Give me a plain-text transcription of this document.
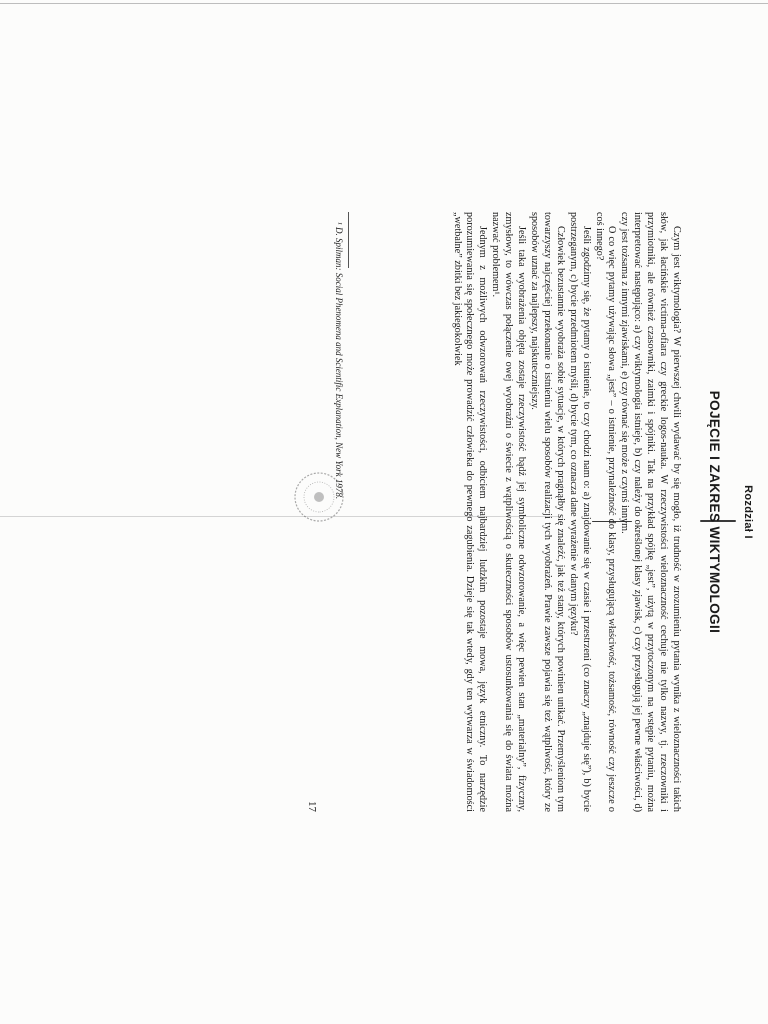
Rozdział I
POJĘCIE I ZAKRES WIKTYMOLOGII

Czym jest wiktymologia? W pierwszej chwili wydawać by się mogło, iż trudność w zrozumieniu pytania wynika z wieloznaczności takich słów, jak łacińskie victima-ofiara czy greckie logos-nauka. W rzeczywistości wieloznaczność cechuje nie tylko nazwy, tj. rzeczowniki i przymiotniki, ale również czasowniki, zaimki i spójniki. Tak na przykład spójkę „jest”, użytą w przytoczonym na wstępie pytaniu, można interpretować następująco: a) czy wiktymologia istnieje, b) czy należy do określonej klasy zjawisk, c) czy przysługują jej pewne właściwości, d) czy jest tożsama z innymi zjawiskami, e) czy równać się może z czymś innym.

O co więc pytamy używając słowa „jest” – o istnienie, przynależność do klasy, przysługującą właściwość, tożsamość, równość czy jeszcze o coś innego?

Jeśli zgodzimy się, że pytamy o istnienie, to czy chodzi nam o: a) znajdowanie się w czasie i przestrzeni (co znaczy „znajduje się”), b) bycie postrzeganym, c) bycie przedmiotem myśli, d) bycie tym, co oznacza dane wyrażenie w danym języku?

Człowiek bezustannie wyobraża sobie sytuacje, w których pragnąłby się znaleźć, jak też stany, których powinien unikać. Przemyśleniom tym towarzyszy najczęściej przekonanie o istnieniu wielu sposobów realizacji tych wyobrażeń. Prawie zawsze pojawia się też wątpliwość, który ze sposobów uznać za najlepszy, najskuteczniejszy.

Jeśli taka wyobrażenia objęta zostaje rzeczywistość bądź jej symboliczne odwzorowanie, a więc pewien stan „materialny”, fizyczny, zmysłowy, to wówczas połączenie owej wyobraźni o świecie z wątpliwością o skuteczności sposobów ustosunkowania się do świata można nazwać problemem¹.

Jednym z możliwych odwzorowań rzeczywistości, odbiciem najbardziej ludzkim pozostaje mowa, język etniczny. To narzędzie porozumiewania się społecznego może prowadzić człowieka do pewnego zagubienia. Dzieje się tak wtedy, gdy ten wytwarza w świadomości „wetbalne” zbitki bez jakiegokolwiek

¹ D. Spilman: Social Phenomena and Scientific Explanation, New York 1978.
17
